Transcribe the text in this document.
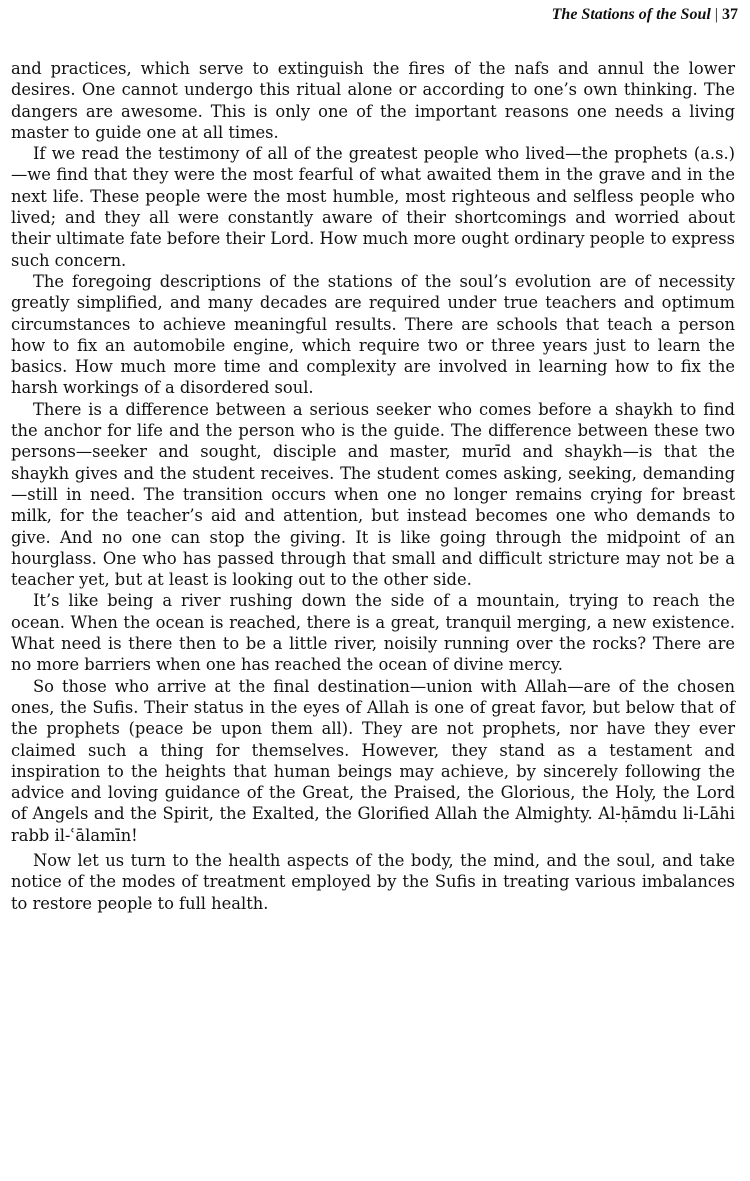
The Stations of the Soul | 37

and practices, which serve to extinguish the fires of the nafs and annul the lower desires. One cannot undergo this ritual alone or according to one’s own thinking. The dangers are awesome. This is only one of the important reasons one needs a living master to guide one at all times.

If we read the testimony of all of the greatest people who lived—the prophets (a.s.)—we find that they were the most fearful of what awaited them in the grave and in the next life. These people were the most humble, most righteous and selfless people who lived; and they all were constantly aware of their shortcomings and worried about their ultimate fate before their Lord. How much more ought ordinary people to express such concern.

The foregoing descriptions of the stations of the soul’s evolution are of necessity greatly simplified, and many decades are required under true teachers and optimum circumstances to achieve meaningful results. There are schools that teach a person how to fix an automobile engine, which require two or three years just to learn the basics. How much more time and complexity are involved in learning how to fix the harsh workings of a disordered soul.

There is a difference between a serious seeker who comes before a shaykh to find the anchor for life and the person who is the guide. The difference between these two persons—seeker and sought, disciple and master, murīd and shaykh—is that the shaykh gives and the student receives. The student comes asking, seeking, demanding—still in need. The transition occurs when one no longer remains crying for breast milk, for the teacher’s aid and attention, but instead becomes one who demands to give. And no one can stop the giving. It is like going through the midpoint of an hourglass. One who has passed through that small and difficult stricture may not be a teacher yet, but at least is looking out to the other side.

It’s like being a river rushing down the side of a mountain, trying to reach the ocean. When the ocean is reached, there is a great, tranquil merging, a new existence. What need is there then to be a little river, noisily running over the rocks? There are no more barriers when one has reached the ocean of divine mercy.

So those who arrive at the final destination—union with Allah—are of the chosen ones, the Sufis. Their status in the eyes of Allah is one of great favor, but below that of the prophets (peace be upon them all). They are not prophets, nor have they ever claimed such a thing for themselves. However, they stand as a testament and inspiration to the heights that human beings may achieve, by sincerely following the advice and loving guidance of the Great, the Praised, the Glorious, the Holy, the Lord of Angels and the Spirit, the Exalted, the Glorified Allah the Almighty. Al-ḥāmdu li-Lāhi rabb il-ʿālamīn!

Now let us turn to the health aspects of the body, the mind, and the soul, and take notice of the modes of treatment employed by the Sufis in treating various imbalances to restore people to full health.
